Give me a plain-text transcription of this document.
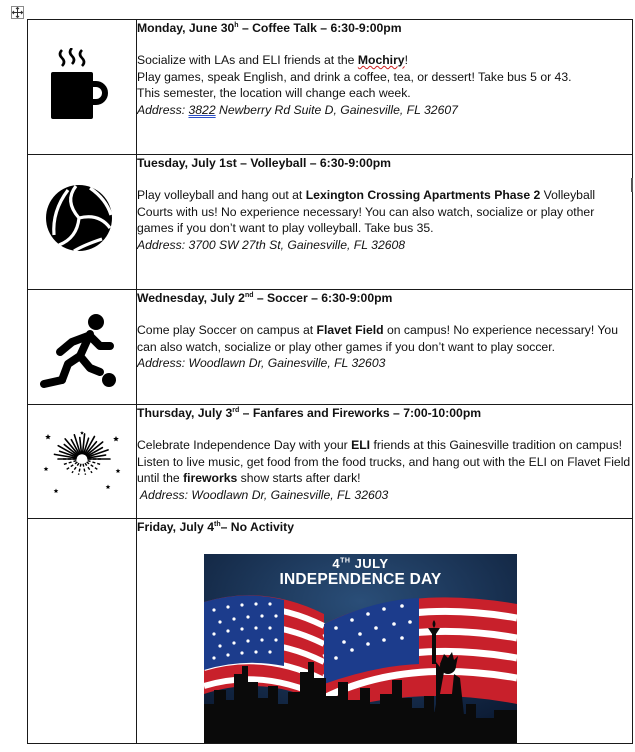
Monday, June 30$^h$ – Coffee Talk – 6:30-9:00pm

Socialize with LAs and ELI friends at the Mochiry!
Play games, speak English, and drink a coffee, tea, or dessert! Take bus 5 or 43.
This semester, the location will change each week.

Address: 3822 Newberry Rd Suite D, Gainesville, FL 32607

Tuesday, July 1st – Volleyball – 6:30-9:00pm

Play volleyball and hang out at Lexington Crossing Apartments Phase 2 Volleyball Courts with us! No experience necessary! You can also watch, socialize or play other games if you don’t want to play volleyball. Take bus 35.

Address: 3700 SW 27th St, Gainesville, FL 32608

Wednesday, July 2nd – Soccer – 6:30-9:00pm

Come play Soccer on campus at Flavet Field on campus! No experience necessary! You can also watch, socialize or play other games if you don’t want to play soccer.

Address: Woodlawn Dr, Gainesville, FL 32603

Thursday, July 3rd – Fanfares and Fireworks – 7:00-10:00pm

Celebrate Independence Day with your ELI friends at this Gainesville tradition on campus! Listen to live music, get food from the food trucks, and hang out with the ELI on Flavet Field until the fireworks show starts after dark!

Address: Woodlawn Dr, Gainesville, FL 32603

	Friday, July 4th– No Activity

4TH JULY
INDEPENDENCE DAY
